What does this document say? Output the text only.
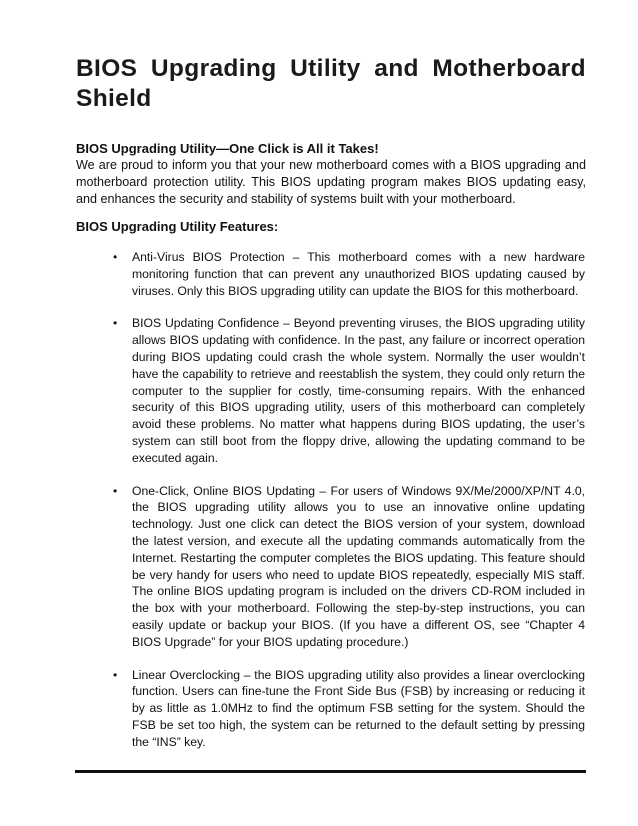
BIOS Upgrading Utility and Motherboard Shield

BIOS Upgrading Utility—One Click is All it Takes!

We are proud to inform you that your new motherboard comes with a BIOS upgrading and motherboard protection utility. This BIOS updating program makes BIOS updating easy, and enhances the security and stability of systems built with your motherboard.

BIOS Upgrading Utility Features:

• Anti-Virus BIOS Protection – This motherboard comes with a new hardware monitoring function that can prevent any unauthorized BIOS updating caused by viruses. Only this BIOS upgrading utility can update the BIOS for this motherboard.
• BIOS Updating Confidence – Beyond preventing viruses, the BIOS upgrading utility allows BIOS updating with confidence. In the past, any failure or incorrect operation during BIOS updating could crash the whole system. Normally the user wouldn’t have the capability to retrieve and reestablish the system, they could only return the computer to the supplier for costly, time-consuming repairs. With the enhanced security of this BIOS upgrading utility, users of this motherboard can completely avoid these problems. No matter what happens during BIOS updating, the user’s system can still boot from the floppy drive, allowing the updating command to be executed again.
• One-Click, Online BIOS Updating – For users of Windows 9X/Me/2000/XP/NT 4.0, the BIOS upgrading utility allows you to use an innovative online updating technology. Just one click can detect the BIOS version of your system, download the latest version, and execute all the updating commands automatically from the Internet. Restarting the computer completes the BIOS updating. This feature should be very handy for users who need to update BIOS repeatedly, especially MIS staff. The online BIOS updating program is included on the drivers CD-ROM included in the box with your motherboard. Following the step-by-step instructions, you can easily update or backup your BIOS. (If you have a different OS, see “Chapter 4 BIOS Upgrade” for your BIOS updating procedure.)
• Linear Overclocking – the BIOS upgrading utility also provides a linear overclocking function. Users can fine-tune the Front Side Bus (FSB) by increasing or reducing it by as little as 1.0MHz to find the optimum FSB setting for the system. Should the FSB be set too high, the system can be returned to the default setting by pressing the “INS” key.
